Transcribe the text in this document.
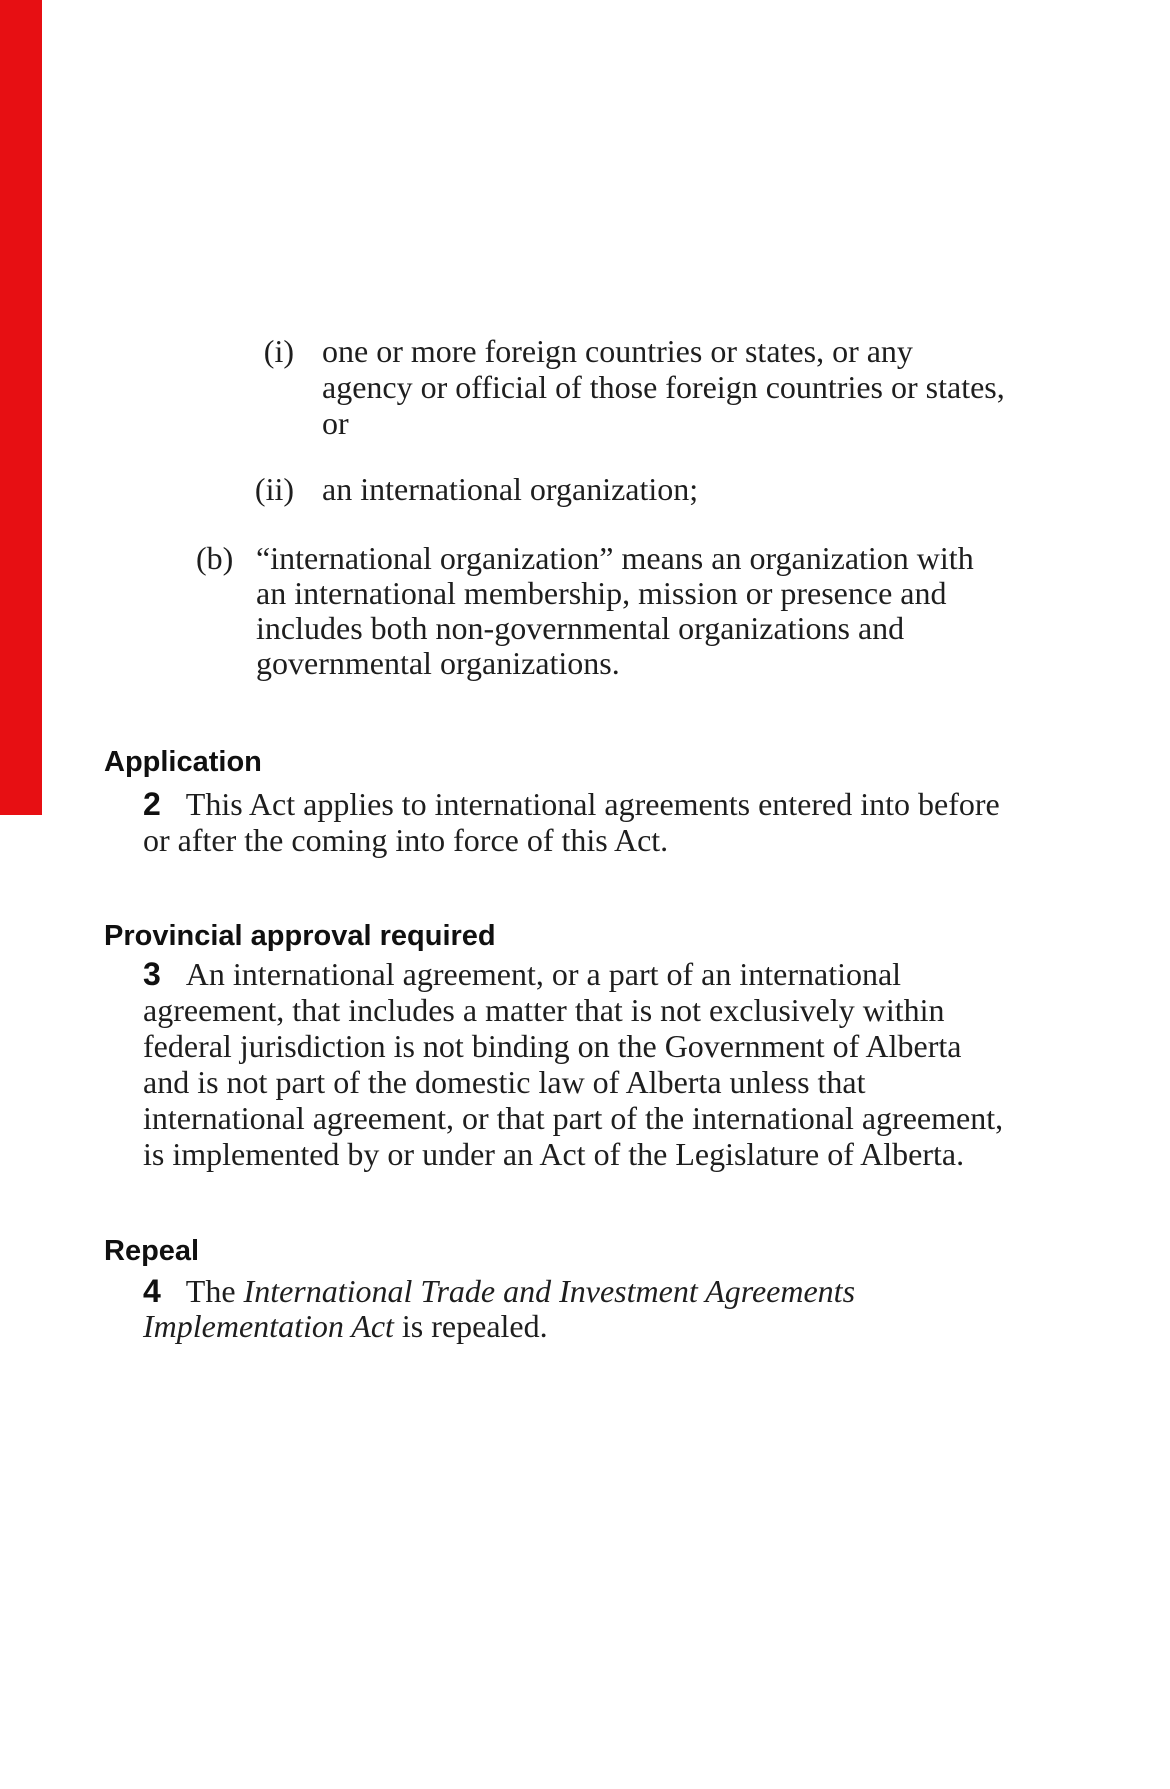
(i) one or more foreign countries or states, or any
agency or official of those foreign countries or states,
or
(ii) an international organization;
(b) “international organization” means an organization with
an international membership, mission or presence and
includes both non-governmental organizations and
governmental organizations.
Application
2 This Act applies to international agreements entered into before
or after the coming into force of this Act.
Provincial approval required
3 An international agreement, or a part of an international
agreement, that includes a matter that is not exclusively within
federal jurisdiction is not binding on the Government of Alberta
and is not part of the domestic law of Alberta unless that
international agreement, or that part of the international agreement,
is implemented by or under an Act of the Legislature of Alberta.
Repeal
4 The International Trade and Investment Agreements
Implementation Act is repealed.
